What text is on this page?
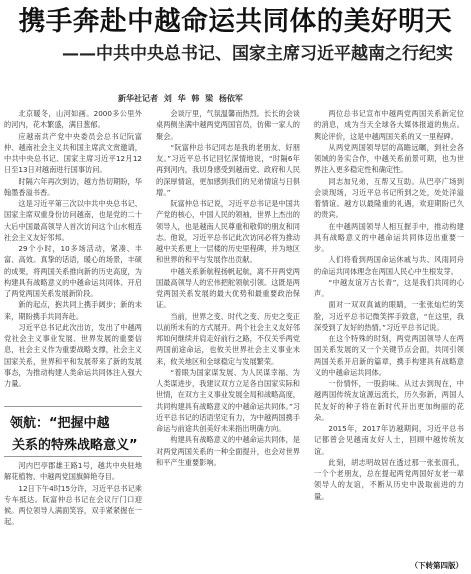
携手奔赴中越命运共同体的美好明天
——中共中央总书记、国家主席习近平越南之行纪实
新华社记者 刘 华 韩 梁 杨依军

北京暖冬，山河如画。2000多公里外的河内，花木繁盛，满目葱郁。

应越南共产党中央委员会总书记阮富仲、越南社会主义共和国主席武文赏邀请，中共中央总书记、国家主席习近平12月12日至13日对越南进行国事访问。

时隔六年再次到访，越方热切期盼，华翰墨香溢书香。

这是习近平第三次以中共中央总书记、国家主席双重身份访问越南，也是党的二十大后中国最高领导人首次访问这个山水相连社会主义友好邻邦。

29个小时，10多场活动，紧凑、丰富、高效。真挚的话语，暖心的场景，丰硕的成果，将两国关系推向新的历史高度，为构建具有战略意义的中越命运共同体、开启了两党两国关系发展新阶段。

新的起点，抱共同上携手阔步；新的未来，期盼携手共同奔赴。

习近平总书记此次出访，发出了中越两党社会主义事业发展、世界发展的重要信息，社会主义作为重要战略支撑，社会主义国家关系，世界和平和发展带来了新的发展事态，为推动构建人类命运共同体注入强大力量。

领航：“把握中越
关系的特殊战略意义”

河内巴亭郡雄王路1号，越共中央驻地解花植物、中越两党国旗鲜艳夺目。

12日下午4时15分许，习近平总书记乘专车抵达。阮富仲总书记在会议厅门口迎候。两位领导人满面笑容，双手紧紧握在一起。

会谈厅里，气氛温馨而热烈。长长的会谈桌两侧坐满中越两党两国官员，仿佛一家人的聚会。

“阮富仲总书记同志是我的老朋友、好朋友。”习近平总书记回忆深情地说，“时隔6年再到河内，我切身感受到越南党、政府和人民的深厚情谊，更加感到我们的兄弟情谊与日俱增。”

阮富仲总书记说，习近平总书记是中国共产党的核心，中国人民的领袖，世界上杰出的领导人，也是越南人民尊重和敬仰的朋友和同志。他说，习近平总书记此次访问必将为推动越中关系更上一层楼的历史里程碑，并为地区和世界的和平与发展作出贡献。

中越关系新航程扬帆起航，离不开两党两国最高领导人的宏伟把舵领航引领。这既是两党两国关系发展的最大优势和最重要政治保证。

当前，世界之变、时代之变、历史之变正以前所未有的方式展开。两个社会主义友好邻邦如何继续并肩走好前行之路，不仅关乎两党两国前途命运，也攸关世界社会主义事业未来，攸关地区和全球稳定与发展繁荣。

“着眼为国家谋发展、为人民谋幸福、为人类谋进步，我建议双方立足各自国家实际和世情，在双方主义事业发展全局和战略高度，共同构建具有战略意义的中越命运共同体。”习近平总书记的话语坚定有力，为中越两国携手命运与前途共创美好未来指出明确方向。

构建具有战略意义的中越命运共同体，是对两党两国关系的一种全面提升，也会对世界和平产生重要影响。

两位总书记宣布中越两党两国关系新定位的消息，成为当天全球各大媒体报道的焦点。舆论评价，这是中越两国关系的又一里程碑。

从两党两国领导层的高瞻远瞩，到社会各领域的务实合作，中越关系前景可期，也为世界注入更多稳定性和确定性。

同志加兄弟，互帮又互助。从巴亭广场到会谈现场，习近平总书记所到之处，处处洋溢着情谊。越方以最隆重的礼遇，欢迎期盼已久的贵宾。

在中越两国领导人相互握手中，推动构建具有战略意义的中越命运共同体迈出重要一步。

人们将看到两国命运休戚与共、风雨同舟的命运共同体理念在两国人民心中生根发芽。

“中越友谊万古长青”，这是我们共同的心声。

面对一双双真诚的眼睛，一张张灿烂的笑脸，习近平总书记微笑挥手致意，“在这里，我深受到了友好的热情。”习近平总书记说。

在这个特殊的时刻，两党两国领导人在两国关系发展的又一个关键节点会面，共同引领两国关系开启新的篇章，携手构建具有战略意义的中越命运共同体。

一份情怀，一股韵味。从过去到现在，中越两国传统友谊源远流长，历久弥新，两国人民友好的种子将在新时代开出更加绚丽的花朵。

2015年，2017年访越期间，习近平总书记都曾会见越南友好人士，回顾中越传统友谊。

此刻，胡志明故居在透过那一张张面孔，一个个老朋友，总在提起两党两国好友老一辈领导人的友谊，不断从历史中汲取前进的力量。

（下转第四版）
